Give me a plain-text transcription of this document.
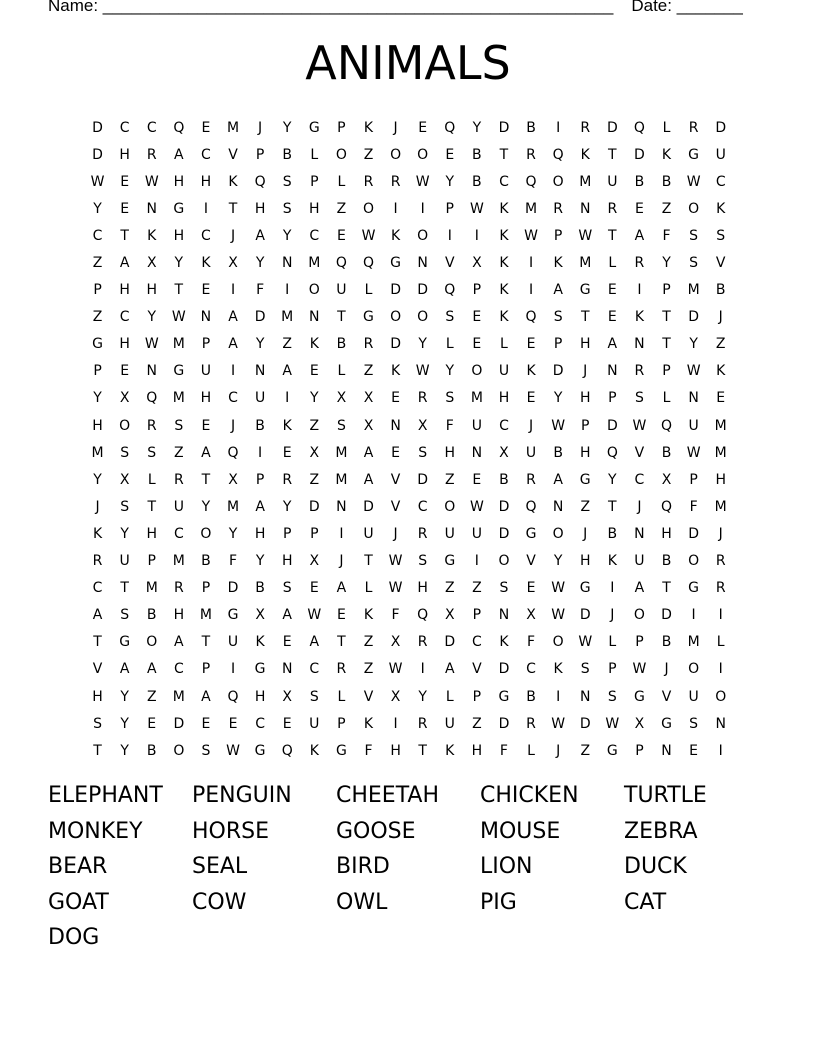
Name: ______________________________________________________ Date: _______
ANIMALS
D	C	C	Q	E	M	J	Y	G	P	K	J	E	Q	Y	D	B	I	R	D	Q	L	R	D
D	H	R	A	C	V	P	B	L	O	Z	O	O	E	B	T	R	Q	K	T	D	K	G	U
W	E	W	H	H	K	Q	S	P	L	R	R	W	Y	B	C	Q	O	M	U	B	B	W	C
Y	E	N	G	I	T	H	S	H	Z	O	I	I	P	W	K	M	R	N	R	E	Z	O	K
C	T	K	H	C	J	A	Y	C	E	W	K	O	I	I	K	W	P	W	T	A	F	S	S
Z	A	X	Y	K	X	Y	N	M	Q	Q	G	N	V	X	K	I	K	M	L	R	Y	S	V
P	H	H	T	E	I	F	I	O	U	L	D	D	Q	P	K	I	A	G	E	I	P	M	B
Z	C	Y	W	N	A	D	M	N	T	G	O	O	S	E	K	Q	S	T	E	K	T	D	J
G	H	W	M	P	A	Y	Z	K	B	R	D	Y	L	E	L	E	P	H	A	N	T	Y	Z
P	E	N	G	U	I	N	A	E	L	Z	K	W	Y	O	U	K	D	J	N	R	P	W	K
Y	X	Q	M	H	C	U	I	Y	X	X	E	R	S	M	H	E	Y	H	P	S	L	N	E
H	O	R	S	E	J	B	K	Z	S	X	N	X	F	U	C	J	W	P	D	W	Q	U	M
M	S	S	Z	A	Q	I	E	X	M	A	E	S	H	N	X	U	B	H	Q	V	B	W	M
Y	X	L	R	T	X	P	R	Z	M	A	V	D	Z	E	B	R	A	G	Y	C	X	P	H
J	S	T	U	Y	M	A	Y	D	N	D	V	C	O	W	D	Q	N	Z	T	J	Q	F	M
K	Y	H	C	O	Y	H	P	P	I	U	J	R	U	U	D	G	O	J	B	N	H	D	J
R	U	P	M	B	F	Y	H	X	J	T	W	S	G	I	O	V	Y	H	K	U	B	O	R
C	T	M	R	P	D	B	S	E	A	L	W	H	Z	Z	S	E	W	G	I	A	T	G	R
A	S	B	H	M	G	X	A	W	E	K	F	Q	X	P	N	X	W	D	J	O	D	I	I
T	G	O	A	T	U	K	E	A	T	Z	X	R	D	C	K	F	O	W	L	P	B	M	L
V	A	A	C	P	I	G	N	C	R	Z	W	I	A	V	D	C	K	S	P	W	J	O	I
H	Y	Z	M	A	Q	H	X	S	L	V	X	Y	L	P	G	B	I	N	S	G	V	U	O
S	Y	E	D	E	E	C	E	U	P	K	I	R	U	Z	D	R	W	D	W	X	G	S	N
T	Y	B	O	S	W	G	Q	K	G	F	H	T	K	H	F	L	J	Z	G	P	N	E	I
ELEPHANT	PENGUIN	CHEETAH	CHICKEN	TURTLE
MONKEY	HORSE	GOOSE	MOUSE	ZEBRA
BEAR	SEAL	BIRD	LION	DUCK
GOAT	COW	OWL	PIG	CAT
DOG
